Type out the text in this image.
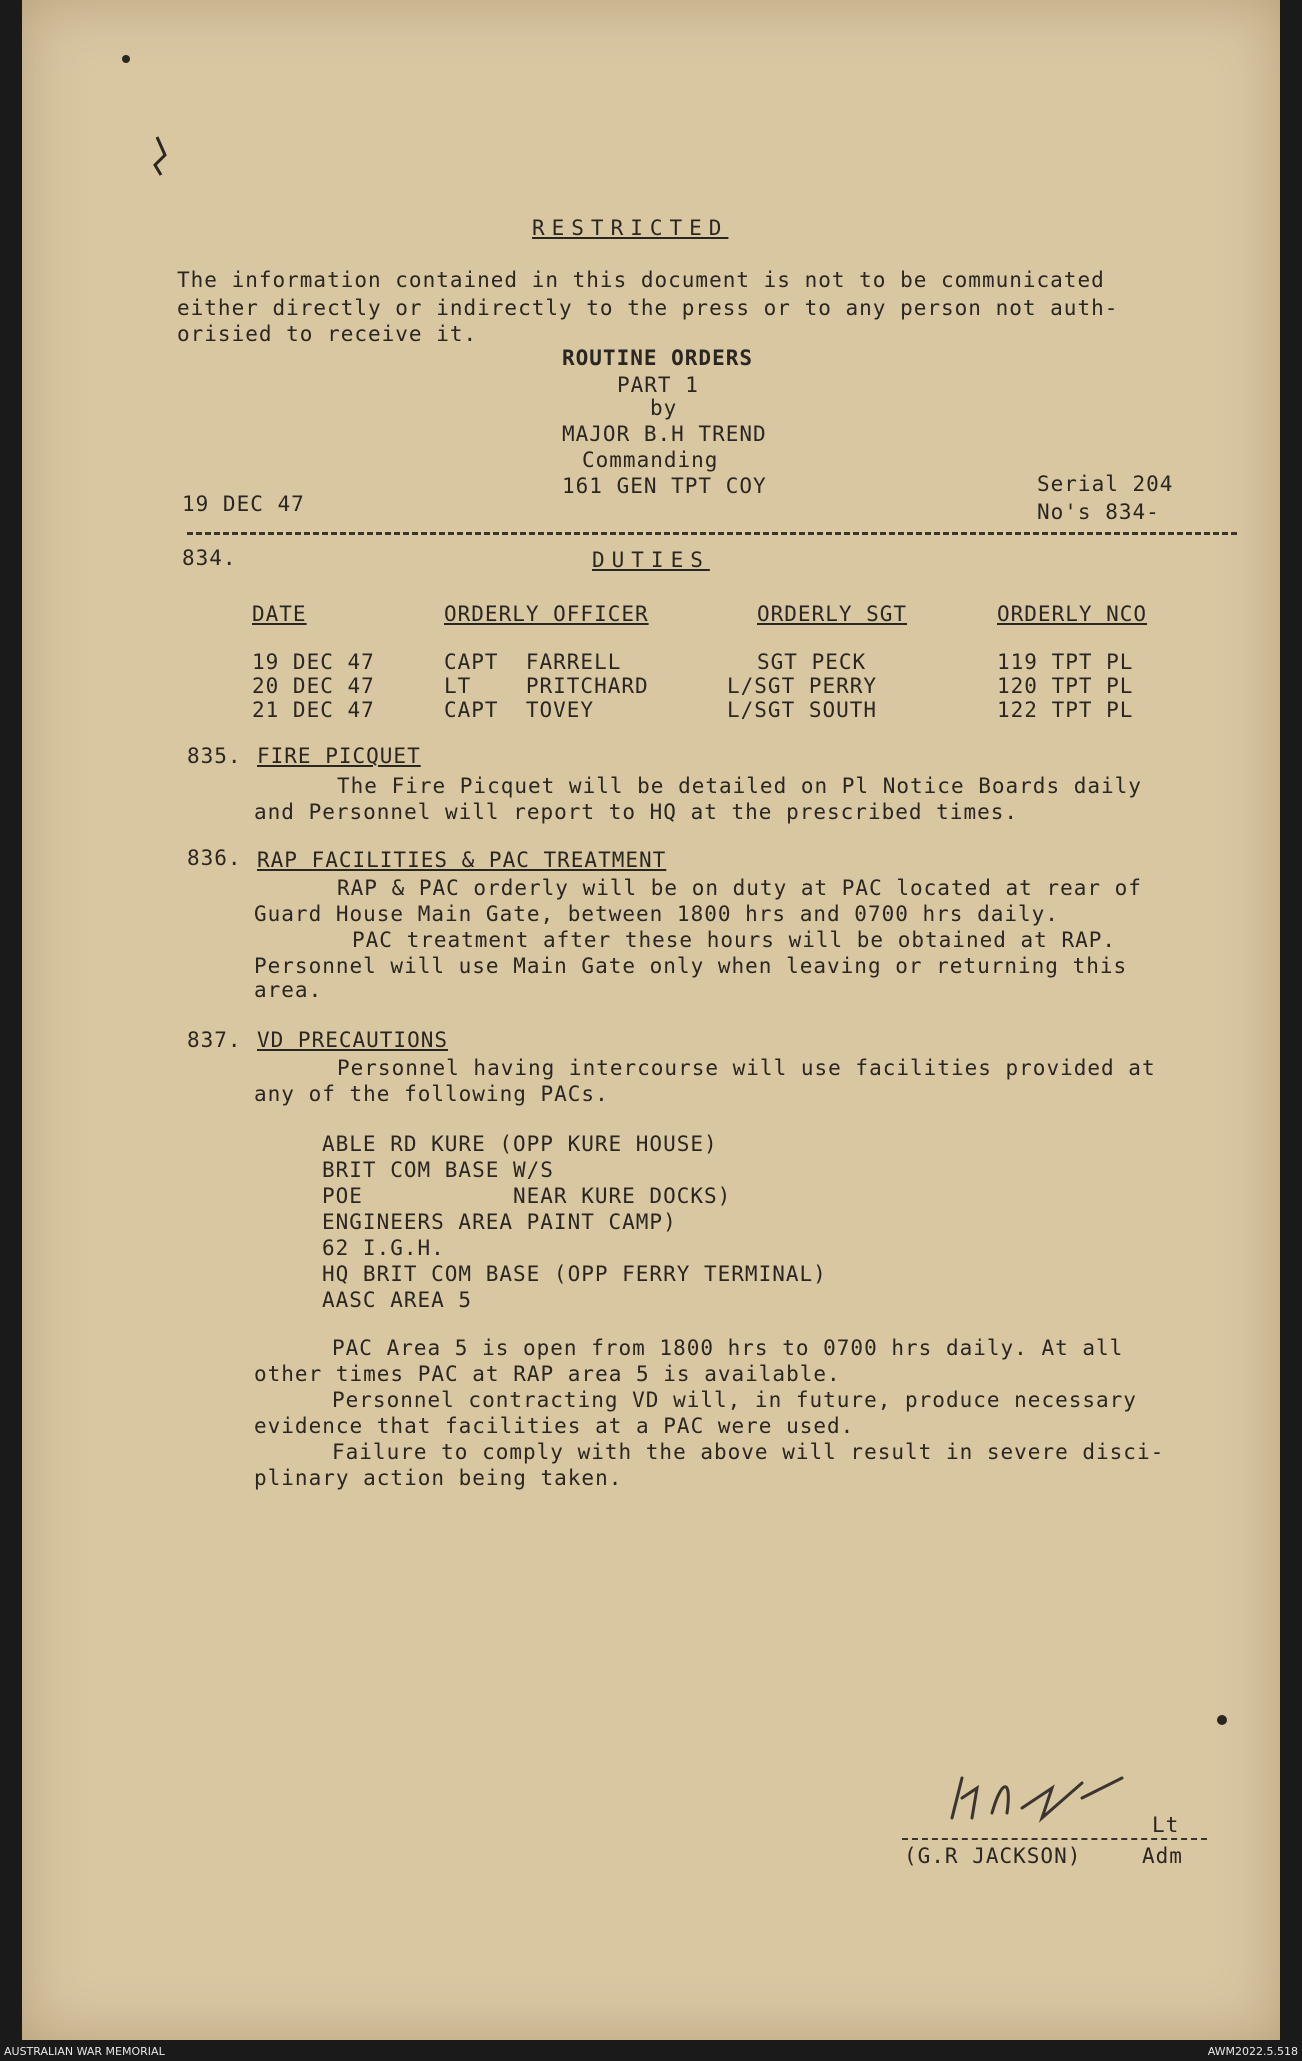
RESTRICTED
The information contained in this document is not to be communicated
either directly or indirectly to the press or to any person not auth-
orisied to receive it.
ROUTINE ORDERS
PART 1
by
MAJOR B.H TREND
Commanding
161 GEN TPT COY
19 DEC 47
Serial 204
No's 834-
834.	DUTIES
DATE	ORDERLY OFFICER	ORDERLY SGT	ORDERLY NCO
19 DEC 47	CAPT  FARRELL	SGT PECK	119 TPT PL
20 DEC 47	LT    PRITCHARD	L/SGT PERRY	120 TPT PL
21 DEC 47	CAPT  TOVEY	L/SGT SOUTH	122 TPT PL
835. FIRE PICQUET
The Fire Picquet will be detailed on Pl Notice Boards daily
and Personnel will report to HQ at the prescribed times.
836. RAP FACILITIES & PAC TREATMENT
RAP & PAC orderly will be on duty at PAC located at rear of
Guard House Main Gate, between 1800 hrs and 0700 hrs daily.
PAC treatment after these hours will be obtained at RAP.
Personnel will use Main Gate only when leaving or returning this
area.
837. VD PRECAUTIONS
Personnel having intercourse will use facilities provided at
any of the following PACs.
ABLE RD KURE (OPP KURE HOUSE)
BRIT COM BASE W/S
POE           NEAR KURE DOCKS)
ENGINEERS AREA PAINT CAMP)
62 I.G.H.
HQ BRIT COM BASE (OPP FERRY TERMINAL)
AASC AREA 5
PAC Area 5 is open from 1800 hrs to 0700 hrs daily. At all
other times PAC at RAP area 5 is available.
Personnel contracting VD will, in future, produce necessary
evidence that facilities at a PAC were used.
Failure to comply with the above will result in severe disci-
plinary action being taken.
Lt
(G.R JACKSON)	Adm
AUSTRALIAN WAR MEMORIAL	AWM2022.5.518
